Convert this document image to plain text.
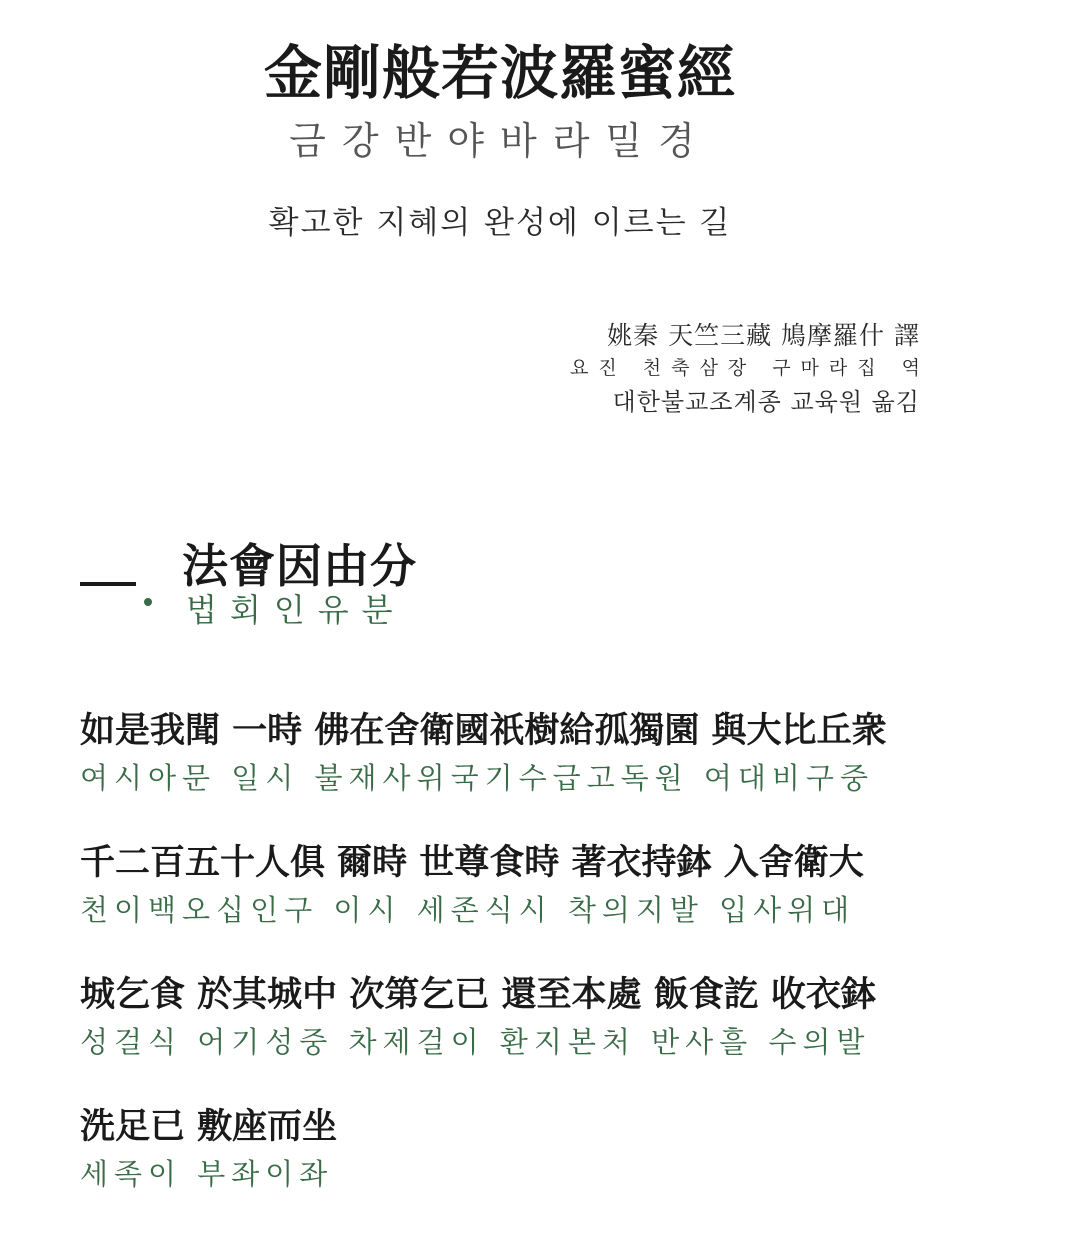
金剛般若波羅蜜經
금강반야바라밀경
확고한 지혜의 완성에 이르는 길
姚秦 天竺三藏 鳩摩羅什 譯
요진 천축삼장 구마라집 역
대한불교조계종 교육원 옮김
法會因由分
법회인유분
如是我聞 一時 佛在舍衛國祇樹給孤獨園 與大比丘衆
여시아문 일시 불재사위국기수급고독원 여대비구중
千二百五十人俱 爾時 世尊食時 著衣持鉢 入舍衛大
천이백오십인구 이시 세존식시 착의지발 입사위대
城乞食 於其城中 次第乞已 還至本處 飯食訖 收衣鉢
성걸식 어기성중 차제걸이 환지본처 반사흘 수의발
洗足已 敷座而坐
세족이 부좌이좌
